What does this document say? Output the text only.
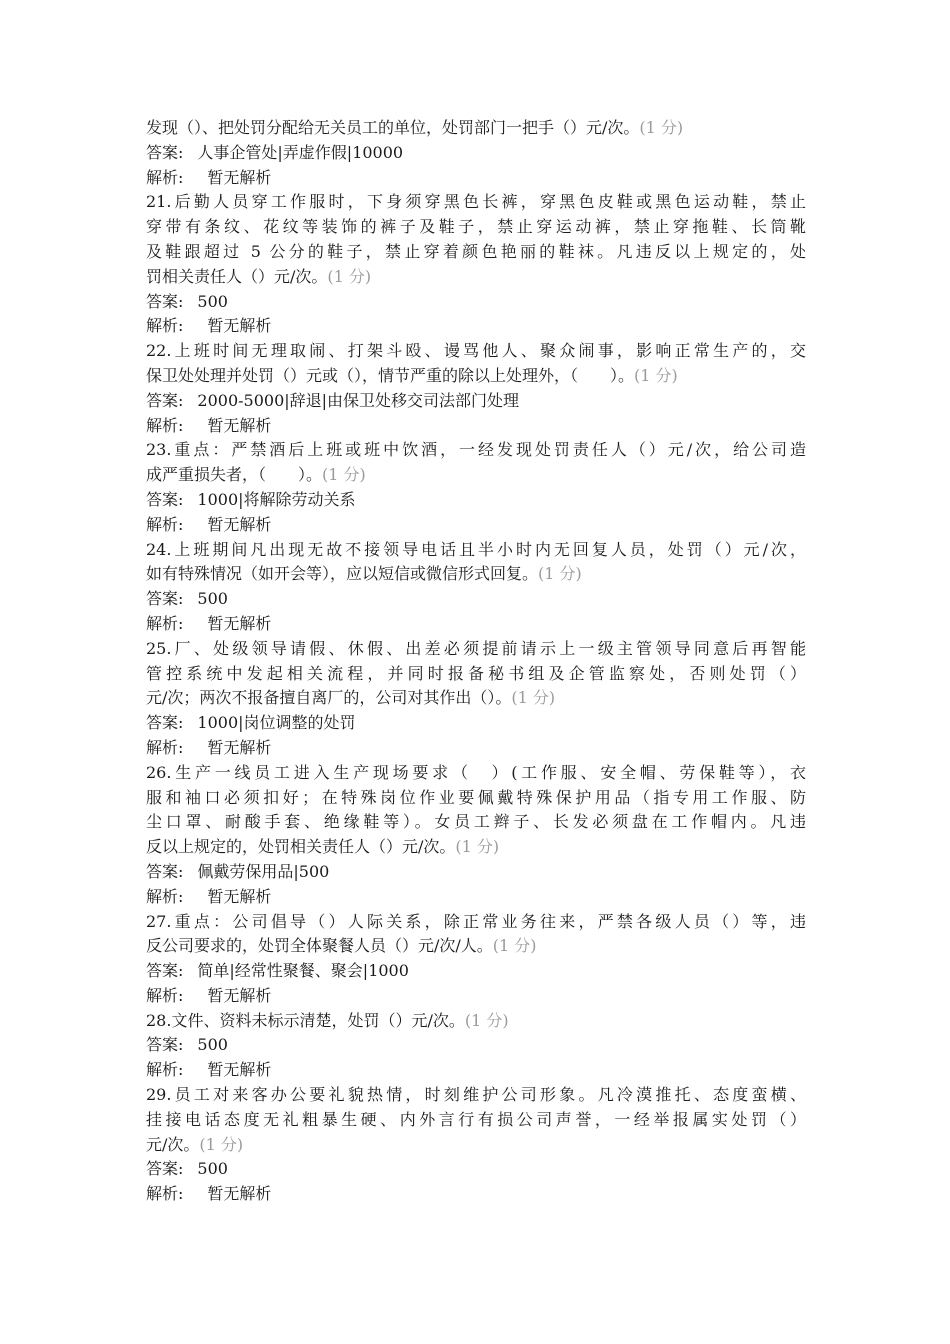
发现（）、把处罚分配给无关员工的单位，处罚部门一把手（）元/次。(1 分)
答案: 人事企管处|弄虚作假|10000
解析: 暂无解析
21.后勤人员穿工作服时，下身须穿黑色长裤，穿黑色皮鞋或黑色运动鞋，禁止
穿带有条纹、花纹等装饰的裤子及鞋子，禁止穿运动裤，禁止穿拖鞋、长筒靴
及鞋跟超过 5 公分的鞋子，禁止穿着颜色艳丽的鞋袜。凡违反以上规定的，处
罚相关责任人（）元/次。(1 分)
答案: 500
解析: 暂无解析
22.上班时间无理取闹、打架斗殴、谩骂他人、聚众闹事，影响正常生产的，交
保卫处处理并处罚（）元或（），情节严重的除以上处理外，（　　）。(1 分)
答案: 2000-5000|辞退|由保卫处移交司法部门处理
解析: 暂无解析
23.重点：严禁酒后上班或班中饮酒，一经发现处罚责任人（）元/次，给公司造
成严重损失者，（　　）。(1 分)
答案: 1000|将解除劳动关系
解析: 暂无解析
24.上班期间凡出现无故不接领导电话且半小时内无回复人员，处罚（）元/次，
如有特殊情况（如开会等），应以短信或微信形式回复。(1 分)
答案: 500
解析: 暂无解析
25.厂、处级领导请假、休假、出差必须提前请示上一级主管领导同意后再智能
管控系统中发起相关流程，并同时报备秘书组及企管监察处，否则处罚（）
元/次；两次不报备擅自离厂的，公司对其作出（）。(1 分)
答案: 1000|岗位调整的处罚
解析: 暂无解析
26.生产一线员工进入生产现场要求（　）(工作服、安全帽、劳保鞋等），衣
服和袖口必须扣好；在特殊岗位作业要佩戴特殊保护用品（指专用工作服、防
尘口罩、耐酸手套、绝缘鞋等）。女员工辫子、长发必须盘在工作帽内。凡违
反以上规定的，处罚相关责任人（）元/次。(1 分)
答案: 佩戴劳保用品|500
解析: 暂无解析
27.重点：公司倡导（）人际关系，除正常业务往来，严禁各级人员（）等，违
反公司要求的，处罚全体聚餐人员（）元/次/人。(1 分)
答案: 简单|经常性聚餐、聚会|1000
解析: 暂无解析
28.文件、资料未标示清楚，处罚（）元/次。(1 分)
答案: 500
解析: 暂无解析
29.员工对来客办公要礼貌热情，时刻维护公司形象。凡冷漠推托、态度蛮横、
挂接电话态度无礼粗暴生硬、内外言行有损公司声誉，一经举报属实处罚（）
元/次。(1 分)
答案: 500
解析: 暂无解析
